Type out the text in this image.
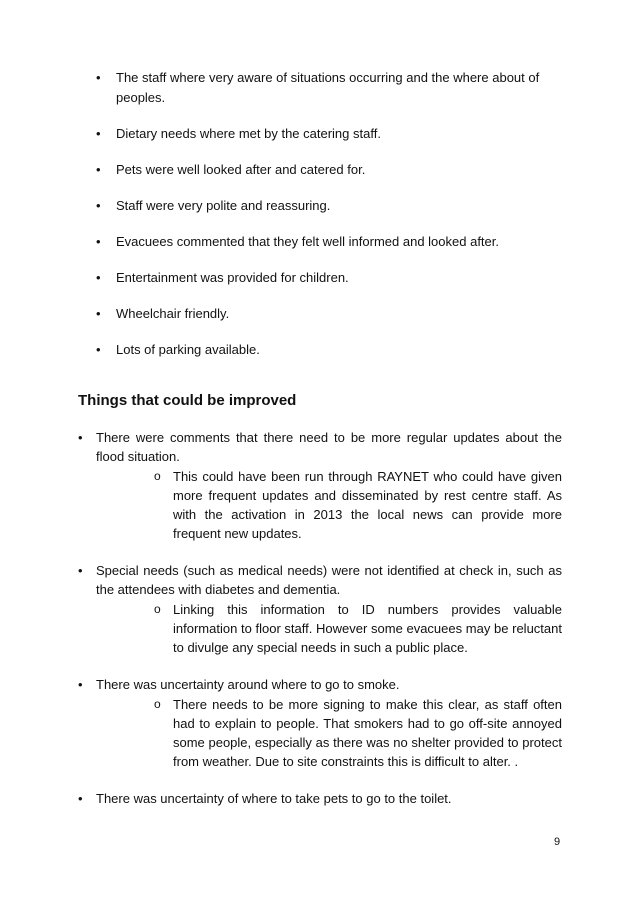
• The staff where very aware of situations occurring and the where about of peoples.
• Dietary needs where met by the catering staff.
• Pets were well looked after and catered for.
• Staff were very polite and reassuring.
• Evacuees commented that they felt well informed and looked after.
• Entertainment was provided for children.
• Wheelchair friendly.
• Lots of parking available.
Things that could be improved
• There were comments that there need to be more regular updates about the flood situation.
o This could have been run through RAYNET who could have given more frequent updates and disseminated by rest centre staff. As with the activation in 2013 the local news can provide more frequent new updates.
• Special needs (such as medical needs) were not identified at check in, such as the attendees with diabetes and dementia.
o Linking this information to ID numbers provides valuable information to floor staff. However some evacuees may be reluctant to divulge any special needs in such a public place.
• There was uncertainty around where to go to smoke.
o There needs to be more signing to make this clear, as staff often had to explain to people. That smokers had to go off-site annoyed some people, especially as there was no shelter provided to protect from weather. Due to site constraints this is difficult to alter. .
• There was uncertainty of where to take pets to go to the toilet.
9
